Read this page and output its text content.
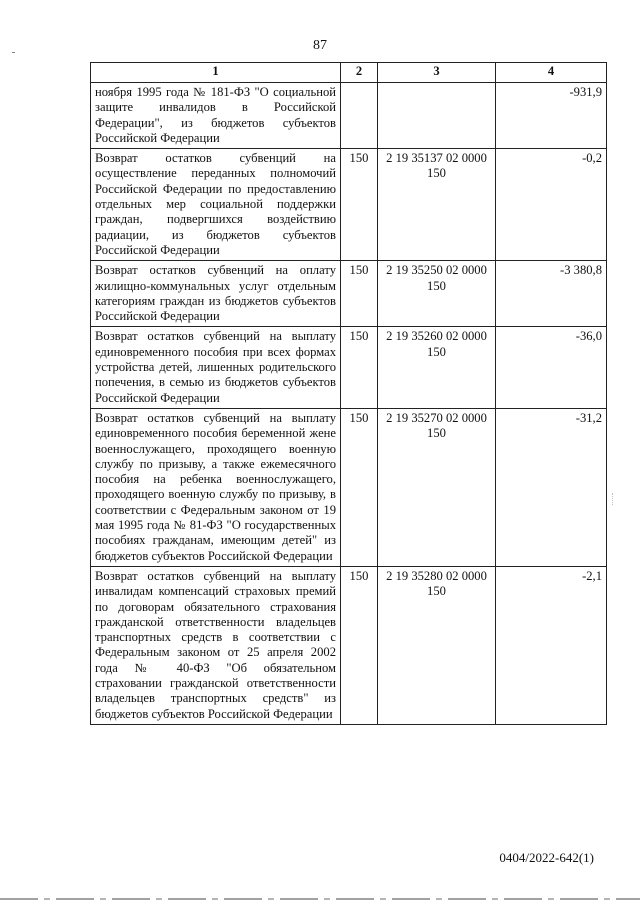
87
1	2	3	4
ноября 1995 года № 181-ФЗ "О социальной защите инвалидов в Российской Федерации", из бюджетов субъектов Российской Федерации			-931,9
Возврат остатков субвенций на осуществление переданных полномочий Российской Федерации по предоставлению отдельных мер социальной поддержки граждан, подвергшихся воздействию радиации, из бюджетов субъектов Российской Федерации	150	2 19 35137 02 0000 150	-0,2
Возврат остатков субвенций на оплату жилищно-коммунальных услуг отдельным категориям граждан из бюджетов субъектов Российской Федерации	150	2 19 35250 02 0000 150	-3 380,8
Возврат остатков субвенций на выплату единовременного пособия при всех формах устройства детей, лишенных родительского попечения, в семью из бюджетов субъектов Российской Федерации	150	2 19 35260 02 0000 150	-36,0
Возврат остатков субвенций на выплату единовременного пособия беременной жене военнослужащего, проходящего военную службу по призыву, а также ежемесячного пособия на ребенка военнослужащего, проходящего военную службу по призыву, в соответствии с Федеральным законом от 19 мая 1995 года № 81-ФЗ "О государственных пособиях гражданам, имеющим детей" из бюджетов субъектов Российской Федерации	150	2 19 35270 02 0000 150	-31,2
Возврат остатков субвенций на выплату инвалидам компенсаций страховых премий по договорам обязательного страхования гражданской ответственности владельцев транспортных средств в соответствии с Федеральным законом от 25 апреля 2002 года № 40-ФЗ "Об обязательном страховании гражданской ответственности владельцев транспортных средств" из бюджетов субъектов Российской Федерации	150	2 19 35280 02 0000 150	-2,1
0404/2022-642(1)
